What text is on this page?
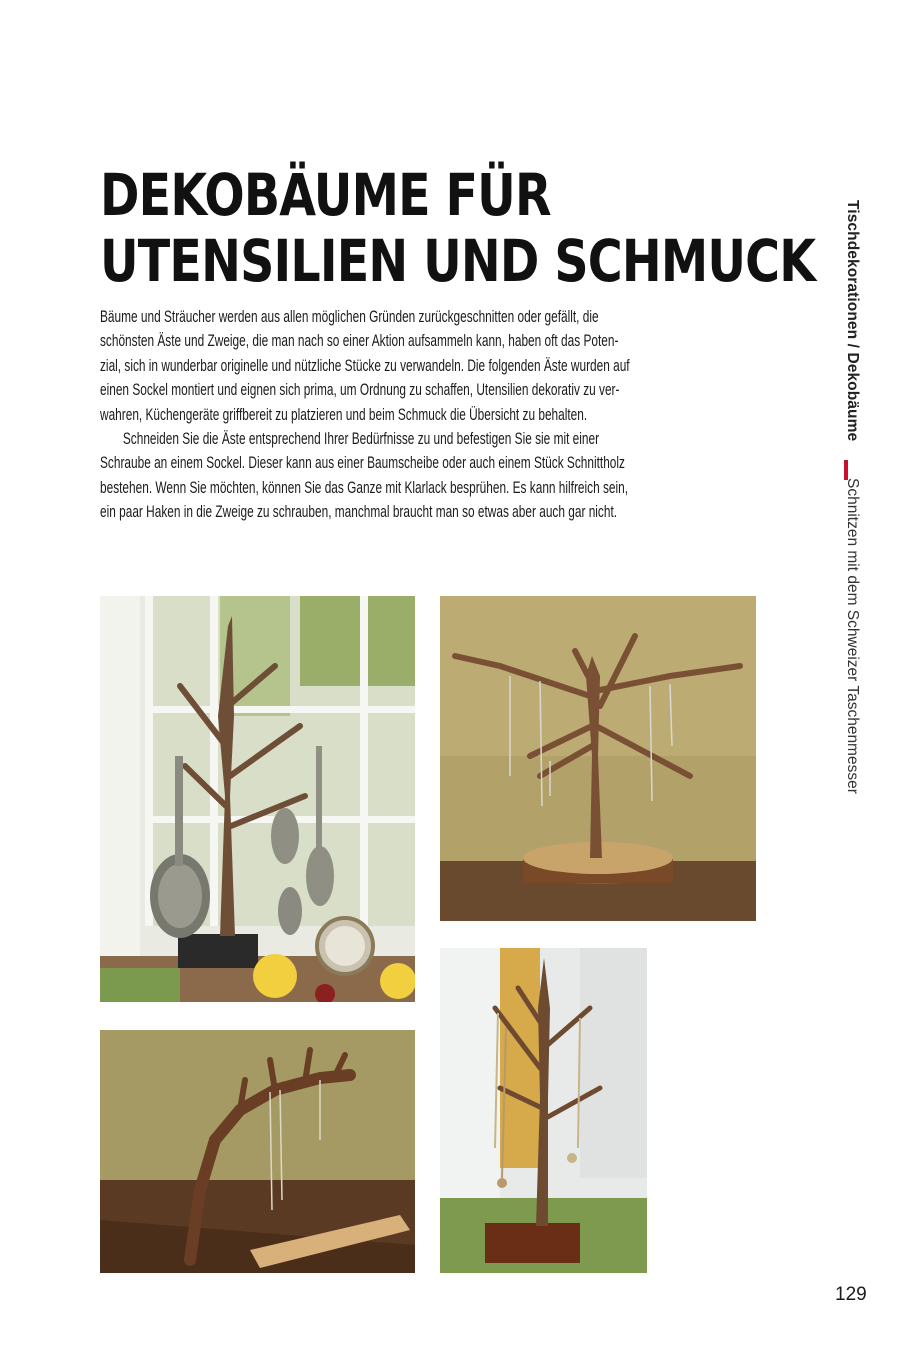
DEKOBÄUME FÜR
UTENSILIEN UND SCHMUCK

Bäume und Sträucher werden aus allen möglichen Gründen zurückgeschnitten oder gefällt, die
schönsten Äste und Zweige, die man nach so einer Aktion aufsammeln kann, haben oft das Poten-
zial, sich in wunderbar originelle und nützliche Stücke zu verwandeln. Die folgenden Äste wurden auf
einen Sockel montiert und eignen sich prima, um Ordnung zu schaffen, Utensilien dekorativ zu ver-
wahren, Küchengeräte griffbereit zu platzieren und beim Schmuck die Übersicht zu behalten.
Schneiden Sie die Äste entsprechend Ihrer Bedürfnisse zu und befestigen Sie sie mit einer
Schraube an einem Sockel. Dieser kann aus einer Baumscheibe oder auch einem Stück Schnittholz
bestehen. Wenn Sie möchten, können Sie das Ganze mit Klarlack besprühen. Es kann hilfreich sein,
ein paar Haken in die Zweige zu schrauben, manchmal braucht man so etwas aber auch gar nicht.

Tischdekorationen / Dekobäume
Schnitzen mit dem Schweizer Taschenmesser
129
